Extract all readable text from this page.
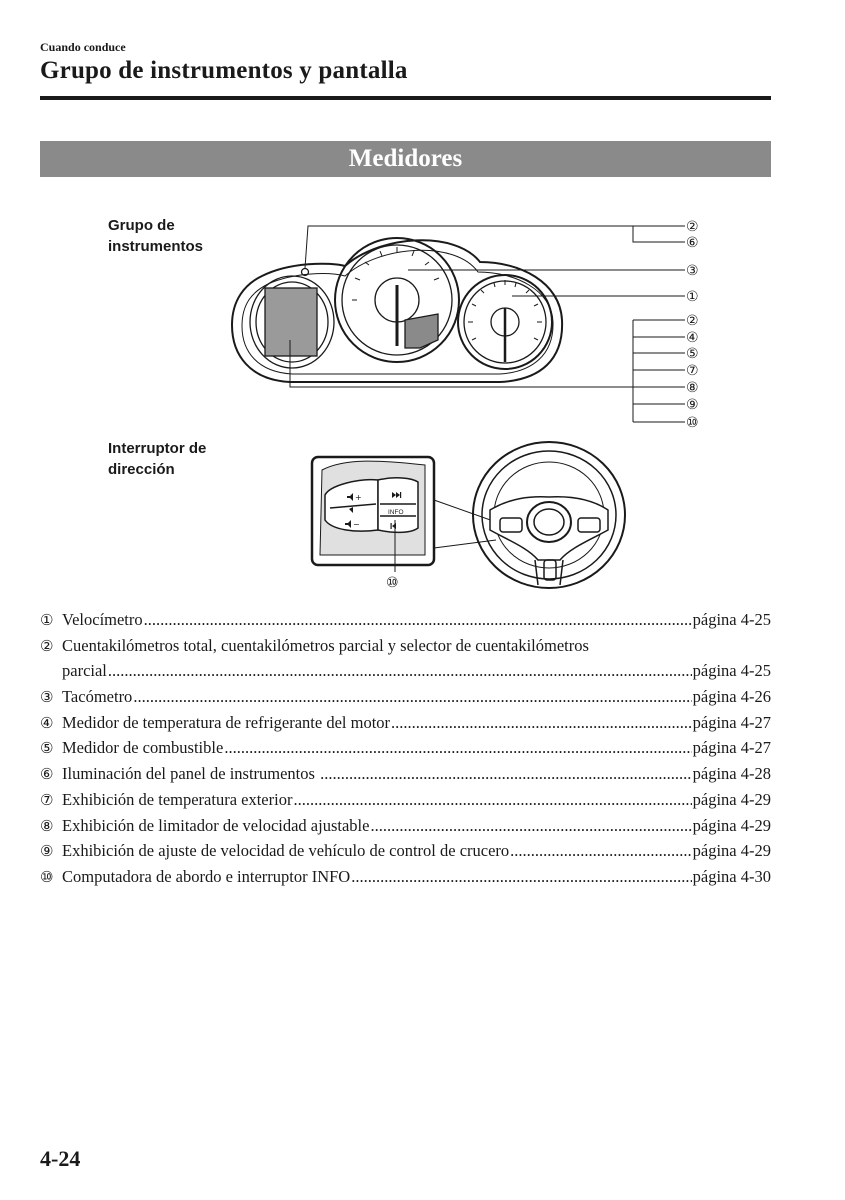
Cuando conduce
Grupo de instrumentos y pantalla
Medidores
Grupo de
instrumentos
Interruptor de
dirección
②
⑥
③
①
②
④
⑤
⑦
⑧
⑨
⑩
⑩
INFO
+
−
① Velocímetro .....	página 4-25
② Cuentakilómetros total, cuentakilómetros parcial y selector de cuentakilómetros
parcial .....	página 4-25
③ Tacómetro .....	página 4-26
④ Medidor de temperatura de refrigerante del motor .....	página 4-27
⑤ Medidor de combustible .....	página 4-27
⑥ Iluminación del panel de instrumentos .....	página 4-28
⑦ Exhibición de temperatura exterior .....	página 4-29
⑧ Exhibición de limitador de velocidad ajustable .....	página 4-29
⑨ Exhibición de ajuste de velocidad de vehículo de control de crucero .....	página 4-29
⑩ Computadora de abordo e interruptor INFO .....	página 4-30
4-24
